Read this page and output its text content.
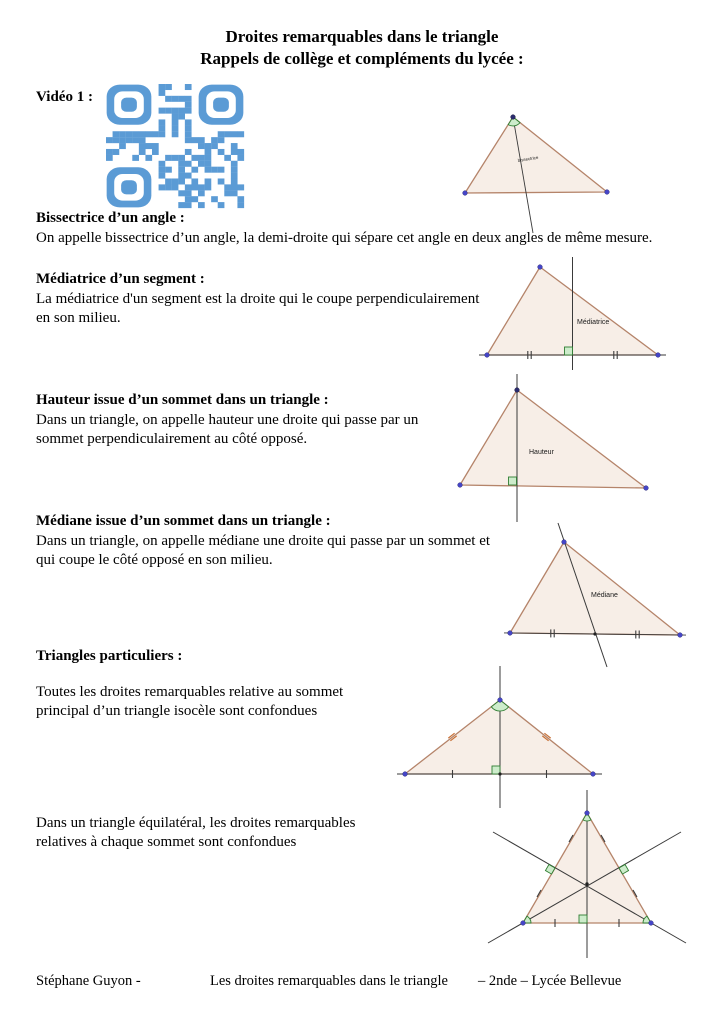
Droites remarquables dans le triangle
Rappels de collège et compléments du lycée :
Vidéo 1 :
bissectrice
Bissectrice d’un angle :
On appelle bissectrice d’un angle, la demi-droite qui sépare cet angle en deux angles de même mesure.
Médiatrice d’un segment :
La médiatrice d'un segment est la droite qui le coupe perpendiculairement
en son milieu.	Médiatrice
Hauteur issue d’un sommet dans un triangle :
Dans un triangle, on appelle hauteur une droite qui passe par un
sommet perpendiculairement au côté opposé.
Hauteur
Médiane issue d’un sommet dans un triangle :
Dans un triangle, on appelle médiane une droite qui passe par un sommet et
qui coupe le côté opposé en son milieu.
Médiane
Triangles particuliers :
Toutes les droites remarquables relative au sommet
principal d’un triangle isocèle sont confondues
Dans un triangle équilatéral, les droites remarquables
relatives à chaque sommet sont confondues
Stéphane Guyon -	Les droites remarquables dans le triangle – 2nde – Lycée Bellevue
